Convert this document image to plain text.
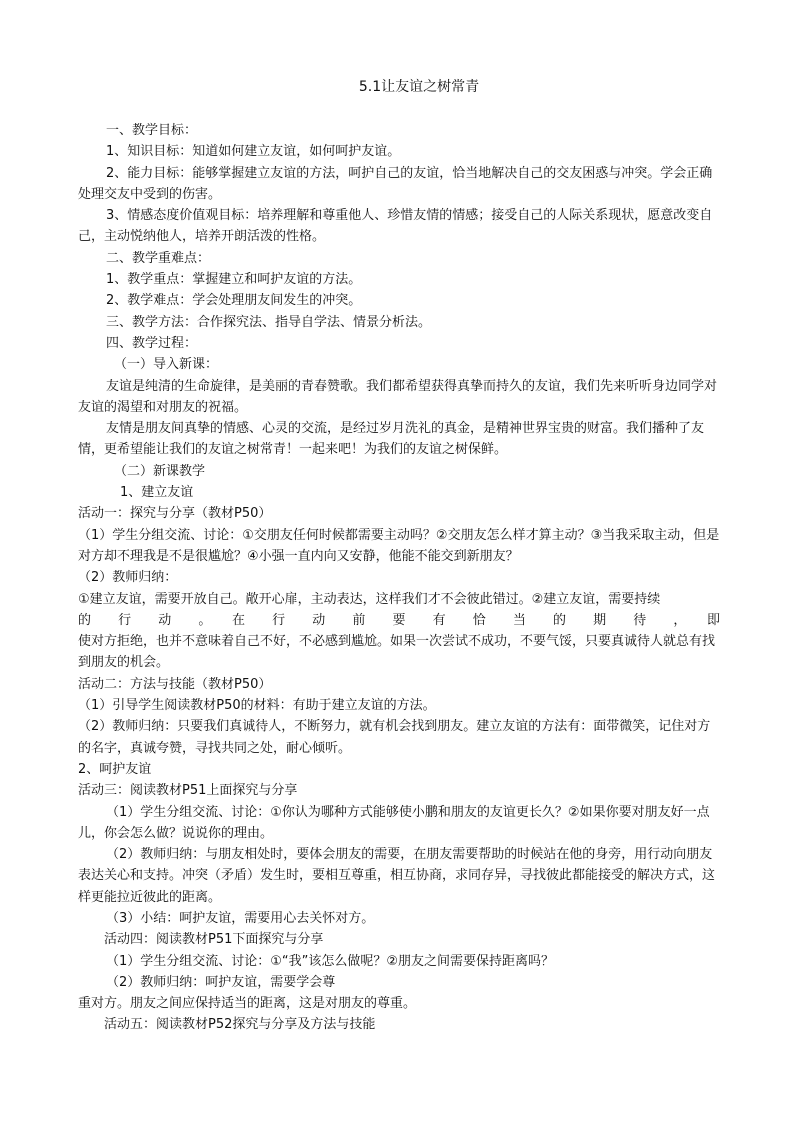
5.1让友谊之树常青

一、教学目标：

1、知识目标：知道如何建立友谊，如何呵护友谊。

2、能力目标：能够掌握建立友谊的方法，呵护自己的友谊，恰当地解决自己的交友困惑与冲突。学会正确处理交友中受到的伤害。

3、情感态度价值观目标：培养理解和尊重他人、珍惜友情的情感；接受自己的人际关系现状，愿意改变自己，主动悦纳他人，培养开朗活泼的性格。

二、教学重难点：

1、教学重点：掌握建立和呵护友谊的方法。

2、教学难点：学会处理朋友间发生的冲突。

三、教学方法：合作探究法、指导自学法、情景分析法。

四、教学过程：

（一）导入新课：

友谊是纯清的生命旋律，是美丽的青春赞歌。我们都希望获得真挚而持久的友谊，我们先来听听身边同学对友谊的渴望和对朋友的祝福。

友情是朋友间真挚的情感、心灵的交流，是经过岁月洗礼的真金，是精神世界宝贵的财富。我们播种了友情，更希望能让我们的友谊之树常青！一起来吧！为我们的友谊之树保鲜。

（二）新课教学

1、建立友谊

活动一：探究与分享（教材P50）

（1）学生分组交流、讨论：①交朋友任何时候都需要主动吗？②交朋友怎么样才算主动？③当我采取主动，但是对方却不理我是不是很尴尬？④小强一直内向又安静，他能不能交到新朋友？

（2）教师归纳：

①建立友谊，需要开放自己。敞开心扉，主动表达，这样我们才不会彼此错过。②建立友谊，需要持续

的　行　动　。　在　行　动　前　要　有　恰　当　的　期　待　，　即

使对方拒绝，也并不意味着自己不好，不必感到尴尬。如果一次尝试不成功，不要气馁，只要真诚待人就总有找到朋友的机会。

活动二：方法与技能（教材P50）

（1）引导学生阅读教材P50的材料：有助于建立友谊的方法。

（2）教师归纳：只要我们真诚待人，不断努力，就有机会找到朋友。建立友谊的方法有：面带微笑，记住对方的名字，真诚夸赞，寻找共同之处，耐心倾听。

2、呵护友谊

活动三：阅读教材P51上面探究与分享

（1）学生分组交流、讨论：①你认为哪种方式能够使小鹏和朋友的友谊更长久？②如果你要对朋友好一点儿，你会怎么做？说说你的理由。

（2）教师归纳：与朋友相处时，要体会朋友的需要，在朋友需要帮助的时候站在他的身旁，用行动向朋友表达关心和支持。冲突（矛盾）发生时，要相互尊重，相互协商，求同存异，寻找彼此都能接受的解决方式，这样更能拉近彼此的距离。

（3）小结：呵护友谊，需要用心去关怀对方。

活动四：阅读教材P51下面探究与分享

（1）学生分组交流、讨论：①“我”该怎么做呢？②朋友之间需要保持距离吗？

（2）教师归纳：呵护友谊，需要学会尊

重对方。朋友之间应保持适当的距离，这是对朋友的尊重。

活动五：阅读教材P52探究与分享及方法与技能
